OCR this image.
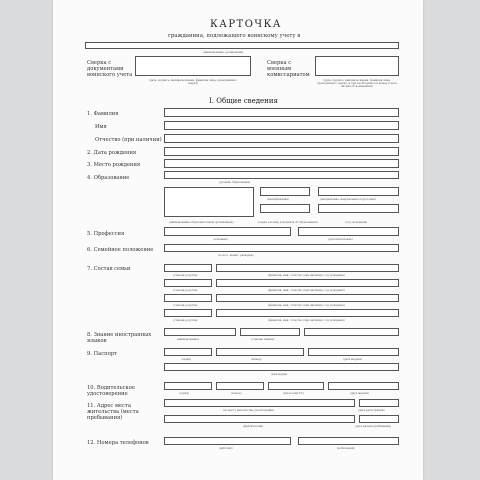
КАРТОЧКА
гражданина, подлежащего воинскому учету в
(наименование организации)
Сверка с документами воинского учета
(дата, подпись, инициалы имени, фамилия лица, проводившего сверку)
Сверка с военным комиссариатом
(дата, подпись, инициалы имени, фамилия лица, проводившего сверку, и при необходимости номер и дата письма об изменениях)
I. Общие сведения
1. Фамилия
Имя
Отчество (при наличии)
2. Дата рождения
3. Место рождения
4. Образование
(уровень образования)
(квалификация)	(направление, направление подготовки)
(наименование образовательной организации)	(серия и номер документа об образовании)	(год окончания)
5. Профессия
(основная)	(дополнительная)
6. Семейное положение
(холост, женат, разведен)
7. Состав семьи
(степень родства)	(фамилия, имя, отчество (при наличии), год рождения)
(степень родства)	(фамилия, имя, отчество (при наличии), год рождения)
(степень родства)	(фамилия, имя, отчество (при наличии), год рождения)
(степень родства)	(фамилия, имя, отчество (при наличии), год рождения)
8. Знание иностранных языков	(наименование)	(степень знания)
9. Паспорт
(серия)	(номер)	(дата выдачи)
(кем выдан)
10. Водительское удостоверение	(серия)	(номер)	(категории ТС)	(дата выдачи)
11. Адрес места жительства (места пребывания)
(по месту жительства / регистрации)	(дата регистрации)
(фактический)	(дата начала пребывания)
12. Номера телефонов
(рабочий)	(мобильный)
